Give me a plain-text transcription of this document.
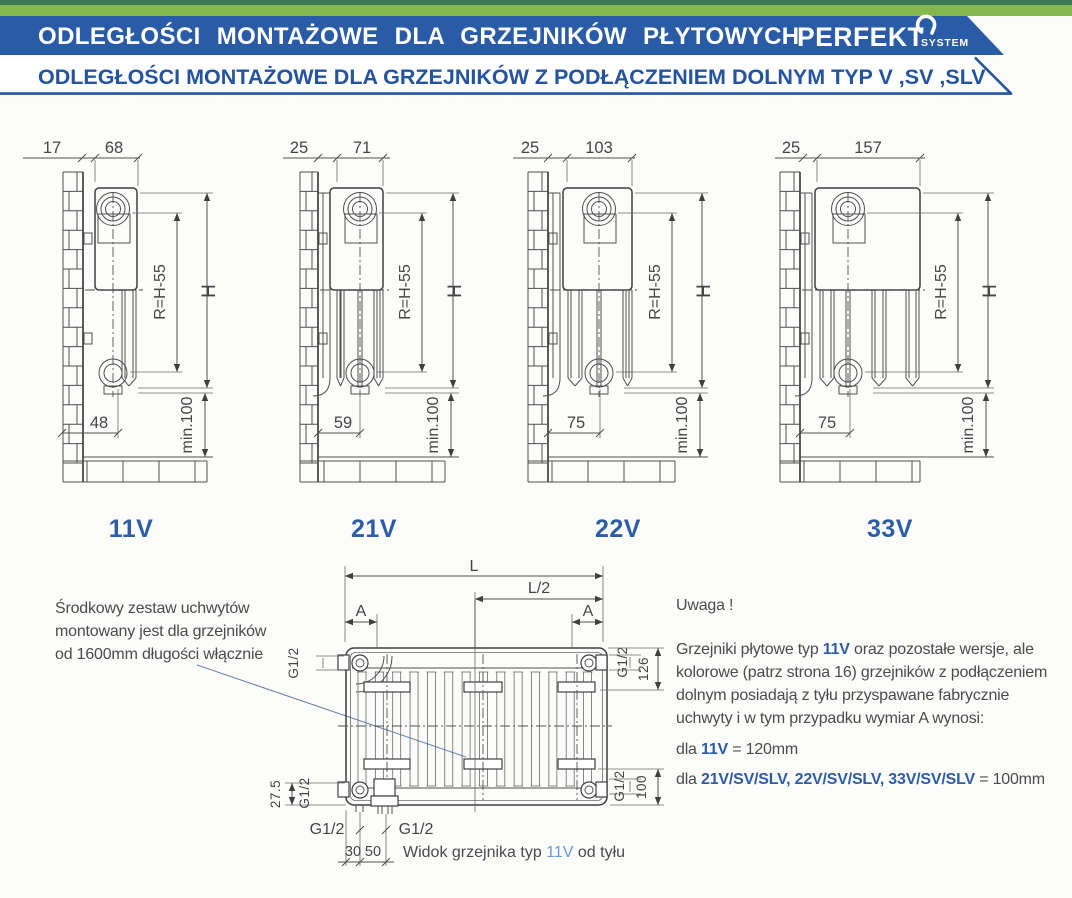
ODLEGŁOŚCI MONTAŻOWE DLA GRZEJNIKÓW PŁYTOWYCH
PERFEKT
SYSTEM
ODLEGŁOŚCI MONTAŻOWE DLA GRZEJNIKÓW Z PODŁĄCZENIEM DOLNYM TYP V ,SV ,SLV
17	68
R=H-55 H
min.100
48
11V
25	71
R=H-55 H
min.100
59
21V
25	103
R=H-55 H
min.100
75
22V
25	157
R=H-55 H
min.100
75
33V
L
L/2
A	A
G1/2	G1/2 126
G1/2 100
27.5 G1/2
30 50
G1/2	G1/2
Widok grzejnika typ 11V od tyłu
Środkowy zestaw uchwytów
montowany jest dla grzejników
od 1600mm długości włącznie
Uwaga !
Grzejniki płytowe typ 11V oraz pozostałe wersje, ale
kolorowe (patrz strona 16) grzejników z podłączeniem
dolnym posiadają z tyłu przyspawane fabrycznie
uchwyty i w tym przypadku wymiar A wynosi:
dla 11V = 120mm
dla 21V/SV/SLV, 22V/SV/SLV, 33V/SV/SLV = 100mm
